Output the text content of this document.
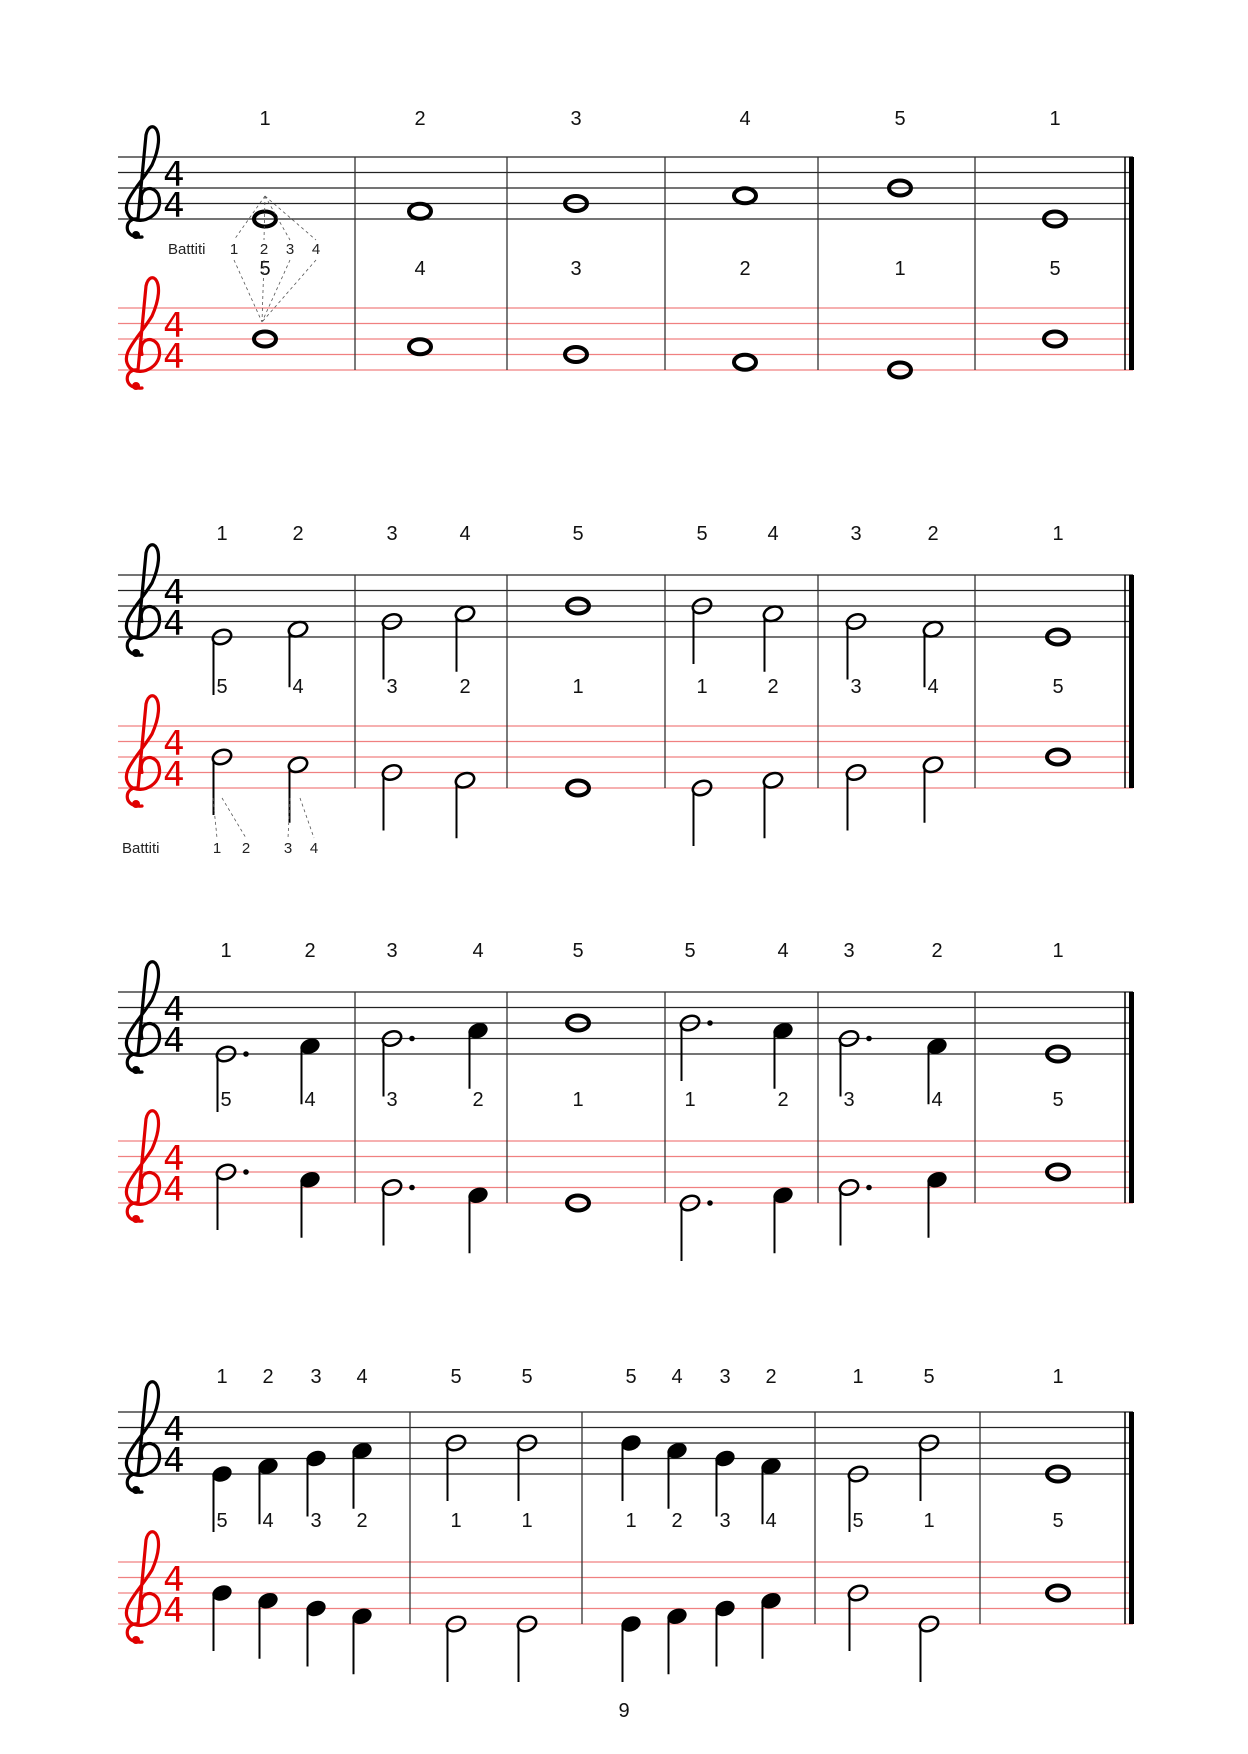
4
4
1	2	3	4	5	1
4
4
5	4	3	2	1	5
4
4
1	2	3	4	5	5	4	3	2	1
4
4
5	4	3	2	1	1	2	3	4	5
4
4
1	2	3	4	5	5	4	3	2	1
4
4
5	4	3	2	1	1	2	3	4	5
4
4
1 2 3 4	5	5	5 4 3 2	1	5	1
4
4
5 4 3 2	1	1	1 2 3 4	5	1	5
Battiti 1 2 3 4
Battiti	1 2 3 4
9
